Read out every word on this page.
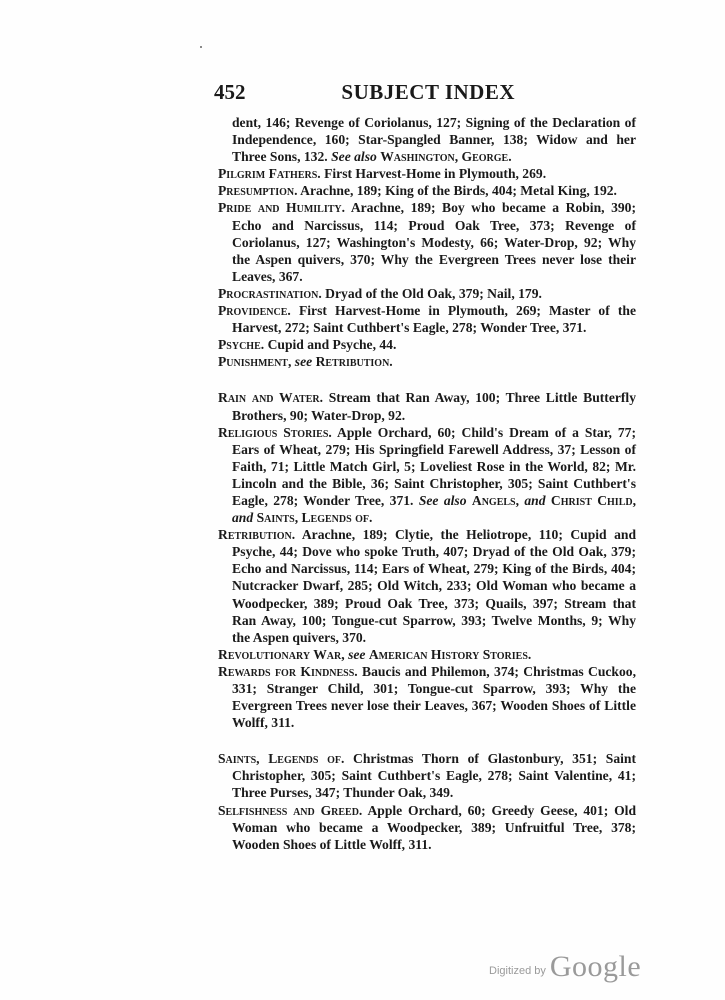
452	SUBJECT INDEX

dent, 146; Revenge of Coriolanus, 127; Signing of the Declaration of Independence, 160; Star-Spangled Banner, 138; Widow and her Three Sons, 132. See also Washington, George.

Pilgrim Fathers. First Harvest-Home in Plymouth, 269.

Presumption. Arachne, 189; King of the Birds, 404; Metal King, 192.

Pride and Humility. Arachne, 189; Boy who became a Robin, 390; Echo and Narcissus, 114; Proud Oak Tree, 373; Revenge of Coriolanus, 127; Washington's Modesty, 66; Water-Drop, 92; Why the Aspen quivers, 370; Why the Evergreen Trees never lose their Leaves, 367.

Procrastination. Dryad of the Old Oak, 379; Nail, 179.

Providence. First Harvest-Home in Plymouth, 269; Master of the Harvest, 272; Saint Cuthbert's Eagle, 278; Wonder Tree, 371.

Psyche. Cupid and Psyche, 44.

Punishment, see Retribution.

Rain and Water. Stream that Ran Away, 100; Three Little Butterfly Brothers, 90; Water-Drop, 92.

Religious Stories. Apple Orchard, 60; Child's Dream of a Star, 77; Ears of Wheat, 279; His Springfield Farewell Address, 37; Lesson of Faith, 71; Little Match Girl, 5; Loveliest Rose in the World, 82; Mr. Lincoln and the Bible, 36; Saint Christopher, 305; Saint Cuthbert's Eagle, 278; Wonder Tree, 371. See also Angels, and Christ Child, and Saints, Legends of.

Retribution. Arachne, 189; Clytie, the Heliotrope, 110; Cupid and Psyche, 44; Dove who spoke Truth, 407; Dryad of the Old Oak, 379; Echo and Narcissus, 114; Ears of Wheat, 279; King of the Birds, 404; Nutcracker Dwarf, 285; Old Witch, 233; Old Woman who became a Woodpecker, 389; Proud Oak Tree, 373; Quails, 397; Stream that Ran Away, 100; Tongue-cut Sparrow, 393; Twelve Months, 9; Why the Aspen quivers, 370.

Revolutionary War, see American History Stories.

Rewards for Kindness. Baucis and Philemon, 374; Christmas Cuckoo, 331; Stranger Child, 301; Tongue-cut Sparrow, 393; Why the Evergreen Trees never lose their Leaves, 367; Wooden Shoes of Little Wolff, 311.

Saints, Legends of. Christmas Thorn of Glastonbury, 351; Saint Christopher, 305; Saint Cuthbert's Eagle, 278; Saint Valentine, 41; Three Purses, 347; Thunder Oak, 349.

Selfishness and Greed. Apple Orchard, 60; Greedy Geese, 401; Old Woman who became a Woodpecker, 389; Unfruitful Tree, 378; Wooden Shoes of Little Wolff, 311.

Digitized by Google
